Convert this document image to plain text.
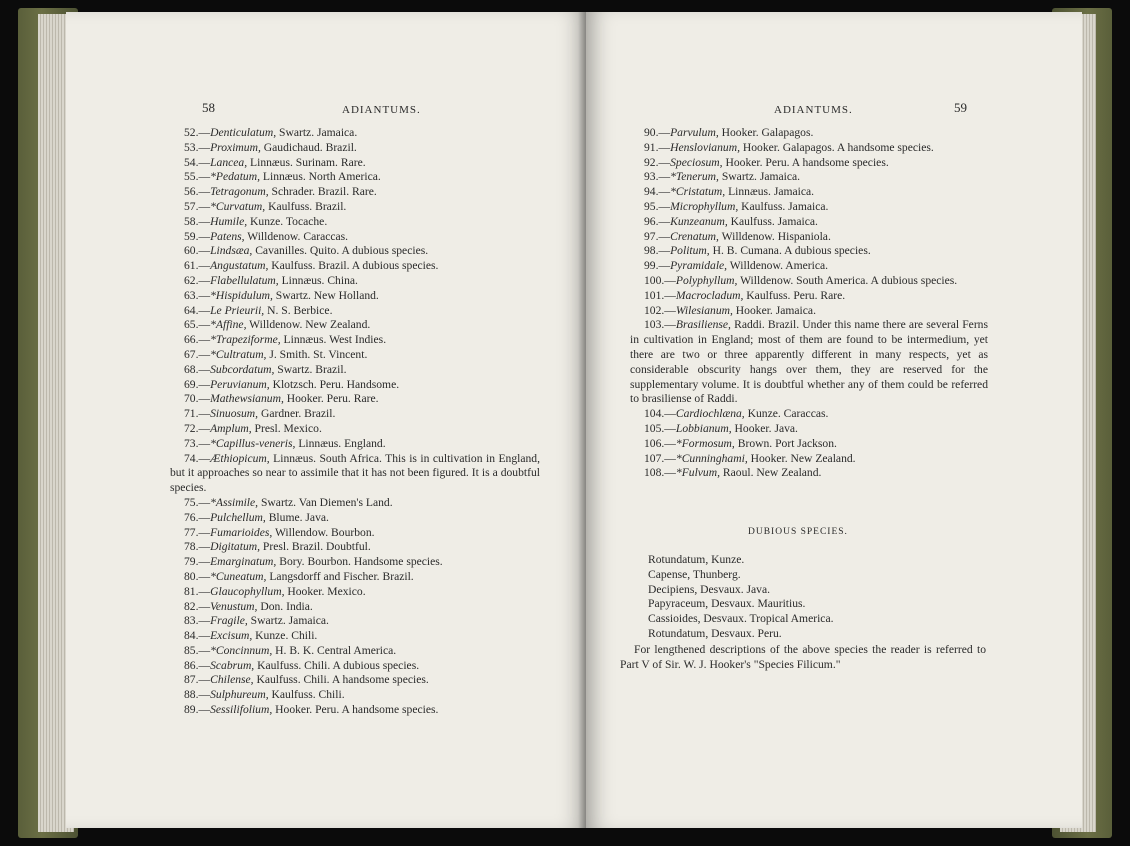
58	ADIANTUMS.
52.—Denticulatum, Swartz. Jamaica.
53.—Proximum, Gaudichaud. Brazil.
54.—Lancea, Linnæus. Surinam. Rare.
55.—*Pedatum, Linnæus. North America.
56.—Tetragonum, Schrader. Brazil. Rare.
57.—*Curvatum, Kaulfuss. Brazil.
58.—Humile, Kunze. Tocache.
59.—Patens, Willdenow. Caraccas.
60.—Lindsæa, Cavanilles. Quito. A dubious species.
61.—Angustatum, Kaulfuss. Brazil. A dubious species.
62.—Flabellulatum, Linnæus. China.
63.—*Hispidulum, Swartz. New Holland.
64.—Le Prieurii, N. S. Berbice.
65.—*Affine, Willdenow. New Zealand.
66.—*Trapeziforme, Linnæus. West Indies.
67.—*Cultratum, J. Smith. St. Vincent.
68.—Subcordatum, Swartz. Brazil.
69.—Peruvianum, Klotzsch. Peru. Handsome.
70.—Mathewsianum, Hooker. Peru. Rare.
71.—Sinuosum, Gardner. Brazil.
72.—Amplum, Presl. Mexico.
73.—*Capillus-veneris, Linnæus. England.
74.—Æthiopicum, Linnæus. South Africa. This is in cultivation in England, but it approaches so near to assimile that it has not been figured. It is a doubtful species.
75.—*Assimile, Swartz. Van Diemen's Land.
76.—Pulchellum, Blume. Java.
77.—Fumarioides, Willendow. Bourbon.
78.—Digitatum, Presl. Brazil. Doubtful.
79.—Emarginatum, Bory. Bourbon. Handsome species.
80.—*Cuneatum, Langsdorff and Fischer. Brazil.
81.—Glaucophyllum, Hooker. Mexico.
82.—Venustum, Don. India.
83.—Fragile, Swartz. Jamaica.
84.—Excisum, Kunze. Chili.
85.—*Concinnum, H. B. K. Central America.
86.—Scabrum, Kaulfuss. Chili. A dubious species.
87.—Chilense, Kaulfuss. Chili. A handsome species.
88.—Sulphureum, Kaulfuss. Chili.
89.—Sessilifolium, Hooker. Peru. A handsome species.
ADIANTUMS.	59
90.—Parvulum, Hooker. Galapagos.
91.—Henslovianum, Hooker. Galapagos. A handsome species.
92.—Speciosum, Hooker. Peru. A handsome species.
93.—*Tenerum, Swartz. Jamaica.
94.—*Cristatum, Linnæus. Jamaica.
95.—Microphyllum, Kaulfuss. Jamaica.
96.—Kunzeanum, Kaulfuss. Jamaica.
97.—Crenatum, Willdenow. Hispaniola.
98.—Politum, H. B. Cumana. A dubious species.
99.—Pyramidale, Willdenow. America.
100.—Polyphyllum, Willdenow. South America. A dubious species.
101.—Macrocladum, Kaulfuss. Peru. Rare.
102.—Wilesianum, Hooker. Jamaica.
103.—Brasiliense, Raddi. Brazil. Under this name there are several Ferns in cultivation in England; most of them are found to be intermedium, yet there are two or three apparently different in many respects, yet as considerable obscurity hangs over them, they are reserved for the supplementary volume. It is doubtful whether any of them could be referred to brasiliense of Raddi.
104.—Cardiochlæna, Kunze. Caraccas.
105.—Lobbianum, Hooker. Java.
106.—*Formosum, Brown. Port Jackson.
107.—*Cunninghami, Hooker. New Zealand.
108.—*Fulvum, Raoul. New Zealand.
DUBIOUS SPECIES.
Rotundatum, Kunze.
Capense, Thunberg.
Decipiens, Desvaux. Java.
Papyraceum, Desvaux. Mauritius.
Cassioides, Desvaux. Tropical America.
Rotundatum, Desvaux. Peru.
For lengthened descriptions of the above species the reader is referred to Part V of Sir. W. J. Hooker's "Species Filicum."
